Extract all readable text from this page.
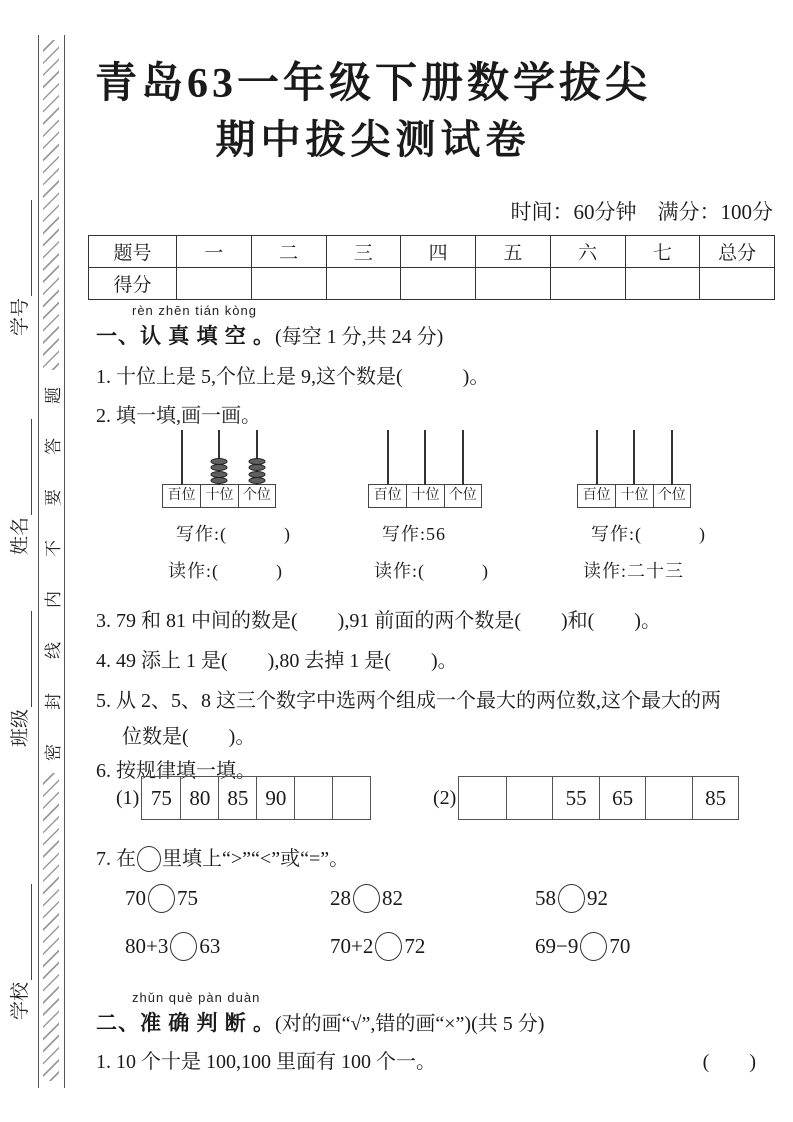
学号
姓名
班级
学校
题
答
要
不
内
线
封
密
青岛63一年级下册数学拔尖
期中拔尖测试卷
时间：60分钟　满分：100分
题号	一	二	三	四	五	六	七	总分
得分								
rèn zhēn tián kòng
一、认 真 填 空 。(每空 1 分,共 24 分)
1. 十位上是 5,个位上是 9,这个数是(　　　)。
2. 填一填,画一画。
百位 十位 个位
写作:(　　　)
读作:(　　　)
百位 十位 个位
写作:56
读作:(　　　)
百位 十位 个位
写作:(　　　)
读作:二十三
3. 79 和 81 中间的数是(　　),91 前面的两个数是(　　)和(　　)。
4. 49 添上 1 是(　　),80 去掉 1 是(　　)。
5. 从 2、5、8 这三个数字中选两个组成一个最大的两位数,这个最大的两
位数是(　　)。
6. 按规律填一填。
(1) 75 80 85 90	(2)	55	65	85
7. 在 里填上“>”“<”或“=”。
70 75	28 82	58 92
80+3 63	70+2 72	69−9 70
zhǔn què pàn duàn
二、准 确 判 断 。(对的画“√”,错的画“×”)(共 5 分)
1. 10 个十是 100,100 里面有 100 个一。	(　　)
